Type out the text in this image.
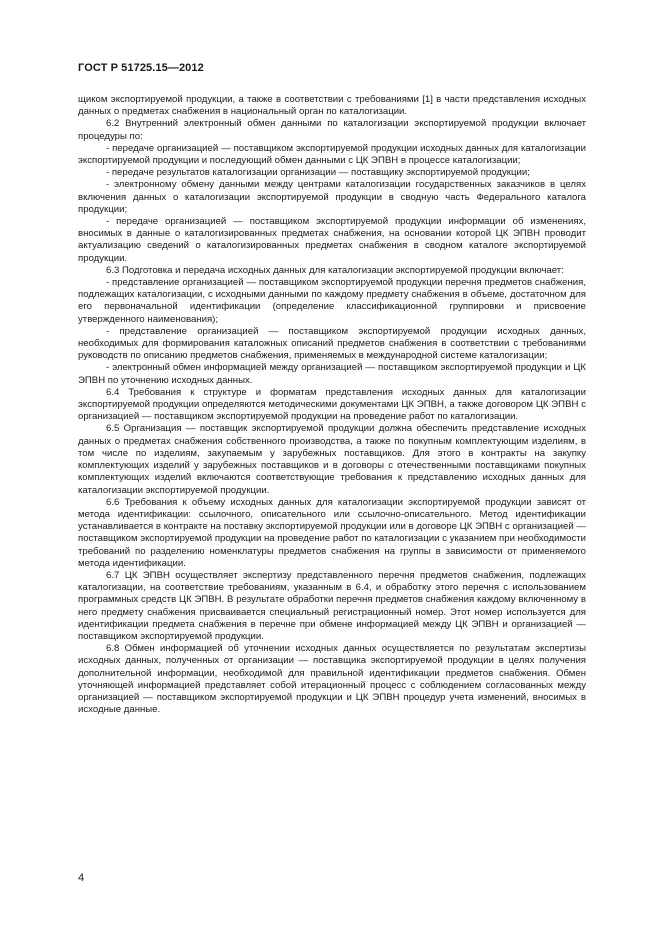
ГОСТ Р 51725.15—2012

щиком экспортируемой продукции, а также в соответствии с требованиями [1] в части представления исходных данных о предметах снабжения в национальный орган по каталогизации.

6.2 Внутренний электронный обмен данными по каталогизации экспортируемой продукции включает процедуры по:

- передаче организацией — поставщиком экспортируемой продукции исходных данных для каталогизации экспортируемой продукции и последующий обмен данными с ЦК ЭПВН в процессе каталогизации;

- передаче результатов каталогизации организации — поставщику экспортируемой продукции;

- электронному обмену данными между центрами каталогизации государственных заказчиков в целях включения данных о каталогизации экспортируемой продукции в сводную часть Федерального каталога продукции;

- передаче организацией — поставщиком экспортируемой продукции информации об изменениях, вносимых в данные о каталогизированных предметах снабжения, на основании которой ЦК ЭПВН проводит актуализацию сведений о каталогизированных предметах снабжения в сводном каталоге экспортируемой продукции.

6.3 Подготовка и передача исходных данных для каталогизации экспортируемой продукции включает:

- представление организацией — поставщиком экспортируемой продукции перечня предметов снабжения, подлежащих каталогизации, с исходными данными по каждому предмету снабжения в объеме, достаточном для его первоначальной идентификации (определение классификационной группировки и присвоение утвержденного наименования);

- представление организацией — поставщиком экспортируемой продукции исходных данных, необходимых для формирования каталожных описаний предметов снабжения в соответствии с требованиями руководств по описанию предметов снабжения, применяемых в международной системе каталогизации;

- электронный обмен информацией между организацией — поставщиком экспортируемой продукции и ЦК ЭПВН по уточнению исходных данных.

6.4 Требования к структуре и форматам представления исходных данных для каталогизации экспортируемой продукции определяются методическими документами ЦК ЭПВН, а также договором ЦК ЭПВН с организацией — поставщиком экспортируемой продукции на проведение работ по каталогизации.

6.5 Организация — поставщик экспортируемой продукции должна обеспечить представление исходных данных о предметах снабжения собственного производства, а также по покупным комплектующим изделиям, в том числе по изделиям, закупаемым у зарубежных поставщиков. Для этого в контракты на закупку комплектующих изделий у зарубежных поставщиков и в договоры с отечественными поставщиками покупных комплектующих изделий включаются соответствующие требования к представлению исходных данных для каталогизации экспортируемой продукции.

6.6 Требования к объему исходных данных для каталогизации экспортируемой продукции зависят от метода идентификации: ссылочного, описательного или ссылочно-описательного. Метод идентификации устанавливается в контракте на поставку экспортируемой продукции или в договоре ЦК ЭПВН с организацией — поставщиком экспортируемой продукции на проведение работ по каталогизации с указанием при необходимости требований по разделению номенклатуры предметов снабжения на группы в зависимости от применяемого метода идентификации.

6.7 ЦК ЭПВН осуществляет экспертизу представленного перечня предметов снабжения, подлежащих каталогизации, на соответствие требованиям, указанным в 6.4, и обработку этого перечня с использованием программных средств ЦК ЭПВН. В результате обработки перечня предметов снабжения каждому включенному в него предмету снабжения присваивается специальный регистрационный номер. Этот номер используется для идентификации предмета снабжения в перечне при обмене информацией между ЦК ЭПВН и организацией — поставщиком экспортируемой продукции.

6.8 Обмен информацией об уточнении исходных данных осуществляется по результатам экспертизы исходных данных, полученных от организации — поставщика экспортируемой продукции в целях получения дополнительной информации, необходимой для правильной идентификации предметов снабжения. Обмен уточняющей информацией представляет собой итерационный процесс с соблюдением согласованных между организацией — поставщиком экспортируемой продукции и ЦК ЭПВН процедур учета изменений, вносимых в исходные данные.

4
